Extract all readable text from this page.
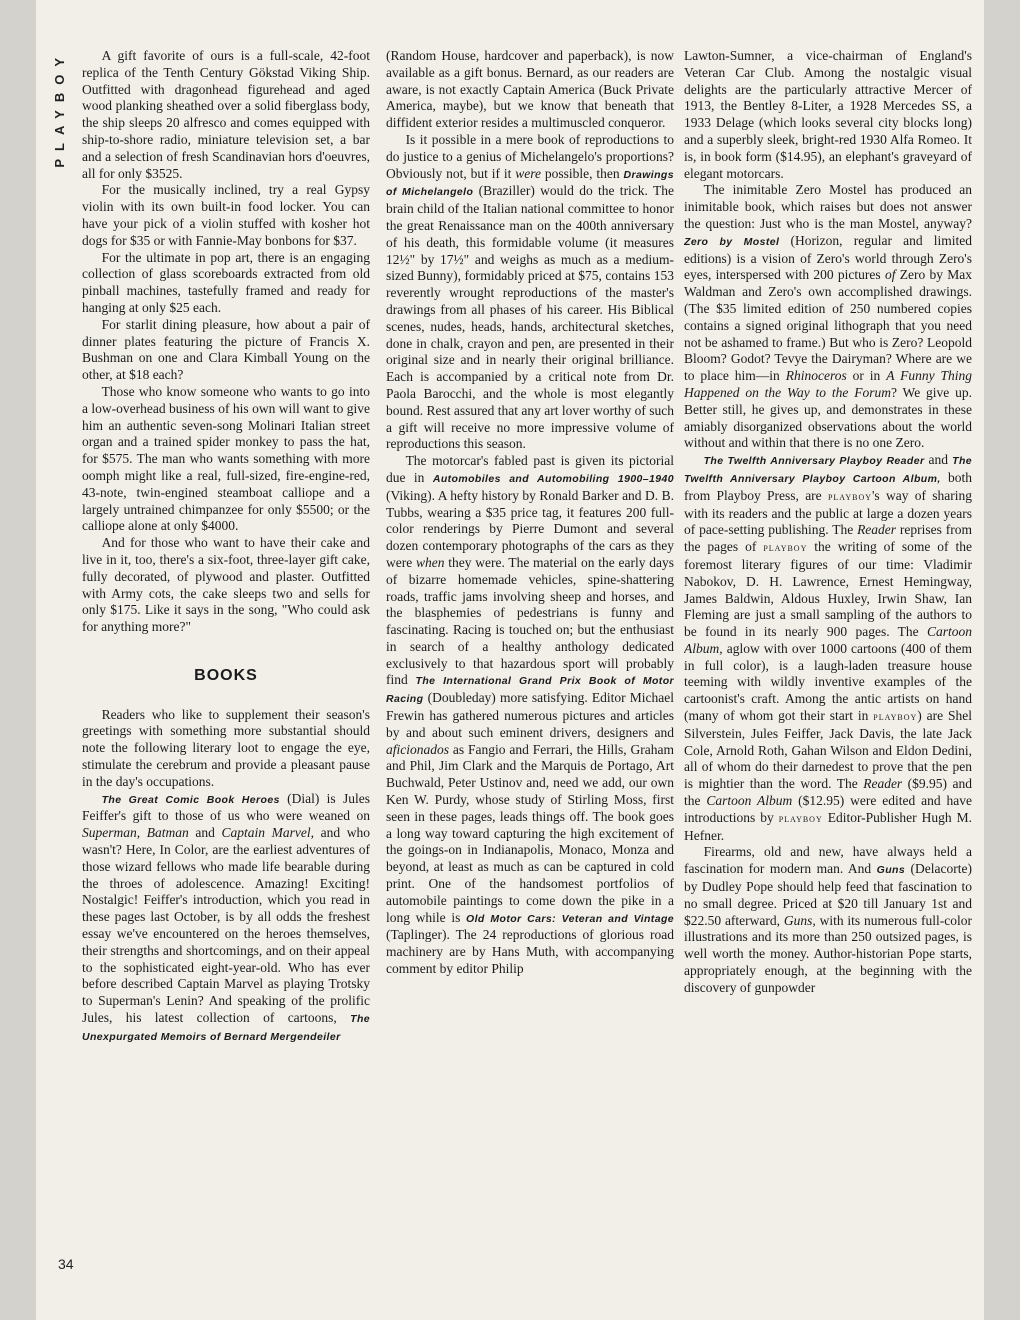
PLAYBOY
34

A gift favorite of ours is a full-scale, 42-foot replica of the Tenth Century Gökstad Viking Ship. Outfitted with dragonhead figurehead and aged wood planking sheathed over a solid fiberglass body, the ship sleeps 20 alfresco and comes equipped with ship-to-shore radio, miniature television set, a bar and a selection of fresh Scandinavian hors d'oeuvres, all for only $3525.

For the musically inclined, try a real Gypsy violin with its own built-in food locker. You can have your pick of a violin stuffed with kosher hot dogs for $35 or with Fannie-May bonbons for $37.

For the ultimate in pop art, there is an engaging collection of glass scoreboards extracted from old pinball machines, tastefully framed and ready for hanging at only $25 each.

For starlit dining pleasure, how about a pair of dinner plates featuring the picture of Francis X. Bushman on one and Clara Kimball Young on the other, at $18 each?

Those who know someone who wants to go into a low-overhead business of his own will want to give him an authentic seven-song Molinari Italian street organ and a trained spider monkey to pass the hat, for $575. The man who wants something with more oomph might like a real, full-sized, fire-engine-red, 43-note, twin-engined steamboat calliope and a largely untrained chimpanzee for only $5500; or the calliope alone at only $4000.

And for those who want to have their cake and live in it, too, there's a six-foot, three-layer gift cake, fully decorated, of plywood and plaster. Outfitted with Army cots, the cake sleeps two and sells for only $175. Like it says in the song, "Who could ask for anything more?"

BOOKS

Readers who like to supplement their season's greetings with something more substantial should note the following literary loot to engage the eye, stimulate the cerebrum and provide a pleasant pause in the day's occupations.

The Great Comic Book Heroes (Dial) is Jules Feiffer's gift to those of us who were weaned on Superman, Batman and Captain Marvel, and who wasn't? Here, In Color, are the earliest adventures of those wizard fellows who made life bearable during the throes of adolescence. Amazing! Exciting! Nostalgic! Feiffer's introduction, which you read in these pages last October, is by all odds the freshest essay we've encountered on the heroes themselves, their strengths and shortcomings, and on their appeal to the sophisticated eight-year-old. Who has ever before described Captain Marvel as playing Trotsky to Superman's Lenin? And speaking of the prolific Jules, his latest collection of cartoons, The Unexpurgated Memoirs of Bernard Mergendeiler

(Random House, hardcover and paperback), is now available as a gift bonus. Bernard, as our readers are aware, is not exactly Captain America (Buck Private America, maybe), but we know that beneath that diffident exterior resides a multimuscled conqueror.

Is it possible in a mere book of reproductions to do justice to a genius of Michelangelo's proportions? Obviously not, but if it were possible, then Drawings of Michelangelo (Braziller) would do the trick. The brain child of the Italian national committee to honor the great Renaissance man on the 400th anniversary of his death, this formidable volume (it measures 12½" by 17½" and weighs as much as a medium-sized Bunny), formidably priced at $75, contains 153 reverently wrought reproductions of the master's drawings from all phases of his career. His Biblical scenes, nudes, heads, hands, architectural sketches, done in chalk, crayon and pen, are presented in their original size and in nearly their original brilliance. Each is accompanied by a critical note from Dr. Paola Barocchi, and the whole is most elegantly bound. Rest assured that any art lover worthy of such a gift will receive no more impressive volume of reproductions this season.

The motorcar's fabled past is given its pictorial due in Automobiles and Automobiling 1900–1940 (Viking). A hefty history by Ronald Barker and D. B. Tubbs, wearing a $35 price tag, it features 200 full-color renderings by Pierre Dumont and several dozen contemporary photographs of the cars as they were when they were. The material on the early days of bizarre homemade vehicles, spine-shattering roads, traffic jams involving sheep and horses, and the blasphemies of pedestrians is funny and fascinating. Racing is touched on; but the enthusiast in search of a healthy anthology dedicated exclusively to that hazardous sport will probably find The International Grand Prix Book of Motor Racing (Doubleday) more satisfying. Editor Michael Frewin has gathered numerous pictures and articles by and about such eminent drivers, designers and aficionados as Fangio and Ferrari, the Hills, Graham and Phil, Jim Clark and the Marquis de Portago, Art Buchwald, Peter Ustinov and, need we add, our own Ken W. Purdy, whose study of Stirling Moss, first seen in these pages, leads things off. The book goes a long way toward capturing the high excitement of the goings-on in Indianapolis, Monaco, Monza and beyond, at least as much as can be captured in cold print. One of the handsomest portfolios of automobile paintings to come down the pike in a long while is Old Motor Cars: Veteran and Vintage (Taplinger). The 24 reproductions of glorious road machinery are by Hans Muth, with accompanying comment by editor Philip

Lawton-Sumner, a vice-chairman of England's Veteran Car Club. Among the nostalgic visual delights are the particularly attractive Mercer of 1913, the Bentley 8-Liter, a 1928 Mercedes SS, a 1933 Delage (which looks several city blocks long) and a superbly sleek, bright-red 1930 Alfa Romeo. It is, in book form ($14.95), an elephant's graveyard of elegant motorcars.

The inimitable Zero Mostel has produced an inimitable book, which raises but does not answer the question: Just who is the man Mostel, anyway? Zero by Mostel (Horizon, regular and limited editions) is a vision of Zero's world through Zero's eyes, interspersed with 200 pictures of Zero by Max Waldman and Zero's own accomplished drawings. (The $35 limited edition of 250 numbered copies contains a signed original lithograph that you need not be ashamed to frame.) But who is Zero? Leopold Bloom? Godot? Tevye the Dairyman? Where are we to place him—in Rhinoceros or in A Funny Thing Happened on the Way to the Forum? We give up. Better still, he gives up, and demonstrates in these amiably disorganized observations about the world without and within that there is no one Zero.

The Twelfth Anniversary Playboy Reader and The Twelfth Anniversary Playboy Cartoon Album, both from Playboy Press, are playboy's way of sharing with its readers and the public at large a dozen years of pace-setting publishing. The Reader reprises from the pages of playboy the writing of some of the foremost literary figures of our time: Vladimir Nabokov, D. H. Lawrence, Ernest Hemingway, James Baldwin, Aldous Huxley, Irwin Shaw, Ian Fleming are just a small sampling of the authors to be found in its nearly 900 pages. The Cartoon Album, aglow with over 1000 cartoons (400 of them in full color), is a laugh-laden treasure house teeming with wildly inventive examples of the cartoonist's craft. Among the antic artists on hand (many of whom got their start in playboy) are Shel Silverstein, Jules Feiffer, Jack Davis, the late Jack Cole, Arnold Roth, Gahan Wilson and Eldon Dedini, all of whom do their darnedest to prove that the pen is mightier than the word. The Reader ($9.95) and the Cartoon Album ($12.95) were edited and have introductions by playboy Editor-Publisher Hugh M. Hefner.

Firearms, old and new, have always held a fascination for modern man. And Guns (Delacorte) by Dudley Pope should help feed that fascination to no small degree. Priced at $20 till January 1st and $22.50 afterward, Guns, with its numerous full-color illustrations and its more than 250 outsized pages, is well worth the money. Author-historian Pope starts, appropriately enough, at the beginning with the discovery of gunpowder
